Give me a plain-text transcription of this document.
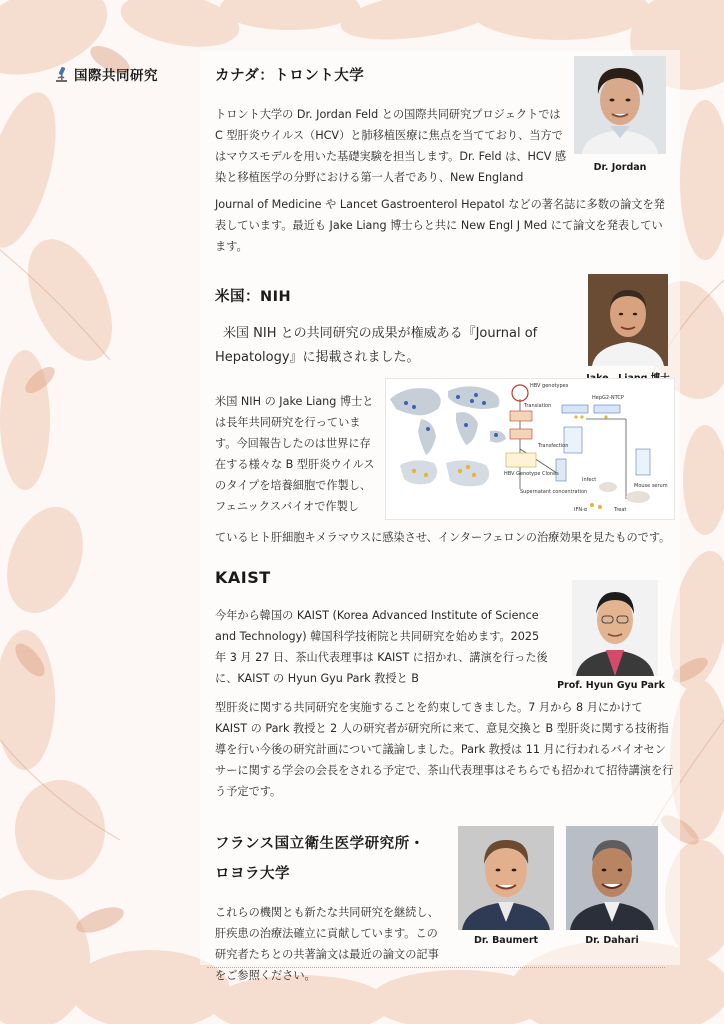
国際共同研究	カナダ：トロント大学
トロント大学の Dr. Jordan Feld との国際共同研究プロジェクトでは C 型肝炎ウイルス（HCV）と肺移植医療に焦点を当てており、当方ではマウスモデルを用いた基礎実験を担当します。Dr. Feld は、HCV 感染と移植医学の分野における第一人者であり、New England
Journal of Medicine や Lancet Gastroenterol Hepatol などの著名誌に多数の論文を発表しています。最近も Jake Liang 博士らと共に New Engl J Med にて論文を発表しています。
Dr. Jordan
米国：NIH
米国 NIH との共同研究の成果が権威ある『Journal of Hepatology』に掲載されました。
米国 NIH の Jake Liang 博士とは長年共同研究を行っています。今回報告したのは世界に存在する様々な B 型肝炎ウイルスのタイプを培養細胞で作製し、フェニックスバイオで作製し
ているヒト肝細胞キメラマウスに感染させ、インターフェロンの治療効果を見たものです。
HBV genotypes
Translation
HBV Genotype Clones
Transfection
Supernatant concentration
Infect
IFN-α	Treat
Mouse serum
HepG2-NTCP
KAIST
今年から韓国の KAIST (Korea Advanced Institute of Science and Technology) 韓国科学技術院と共同研究を始めます。2025 年 3 月 27 日、茶山代表理事は KAIST に招かれ、講演を行った後に、KAIST の Hyun Gyu Park 教授と B
型肝炎に関する共同研究を実施することを約束してきました。7 月から 8 月にかけて KAIST の Park 教授と 2 人の研究者が研究所に来て、意見交換と B 型肝炎に関する技術指導を行い今後の研究計画について議論しました。Park 教授は 11 月に行われるバイオセンサーに関する学会の会長をされる予定で、茶山代表理事はそちらでも招かれて招待講演を行う予定です。
Prof. Hyun Gyu Park
フランス国立衛生医学研究所・
ロヨラ大学
これらの機関とも新たな共同研究を継続し、肝疾患の治療法確立に貢献しています。この研究者たちとの共著論文は最近の論文の記事をご参照ください。
Dr. Baumert	Dr. Dahari
